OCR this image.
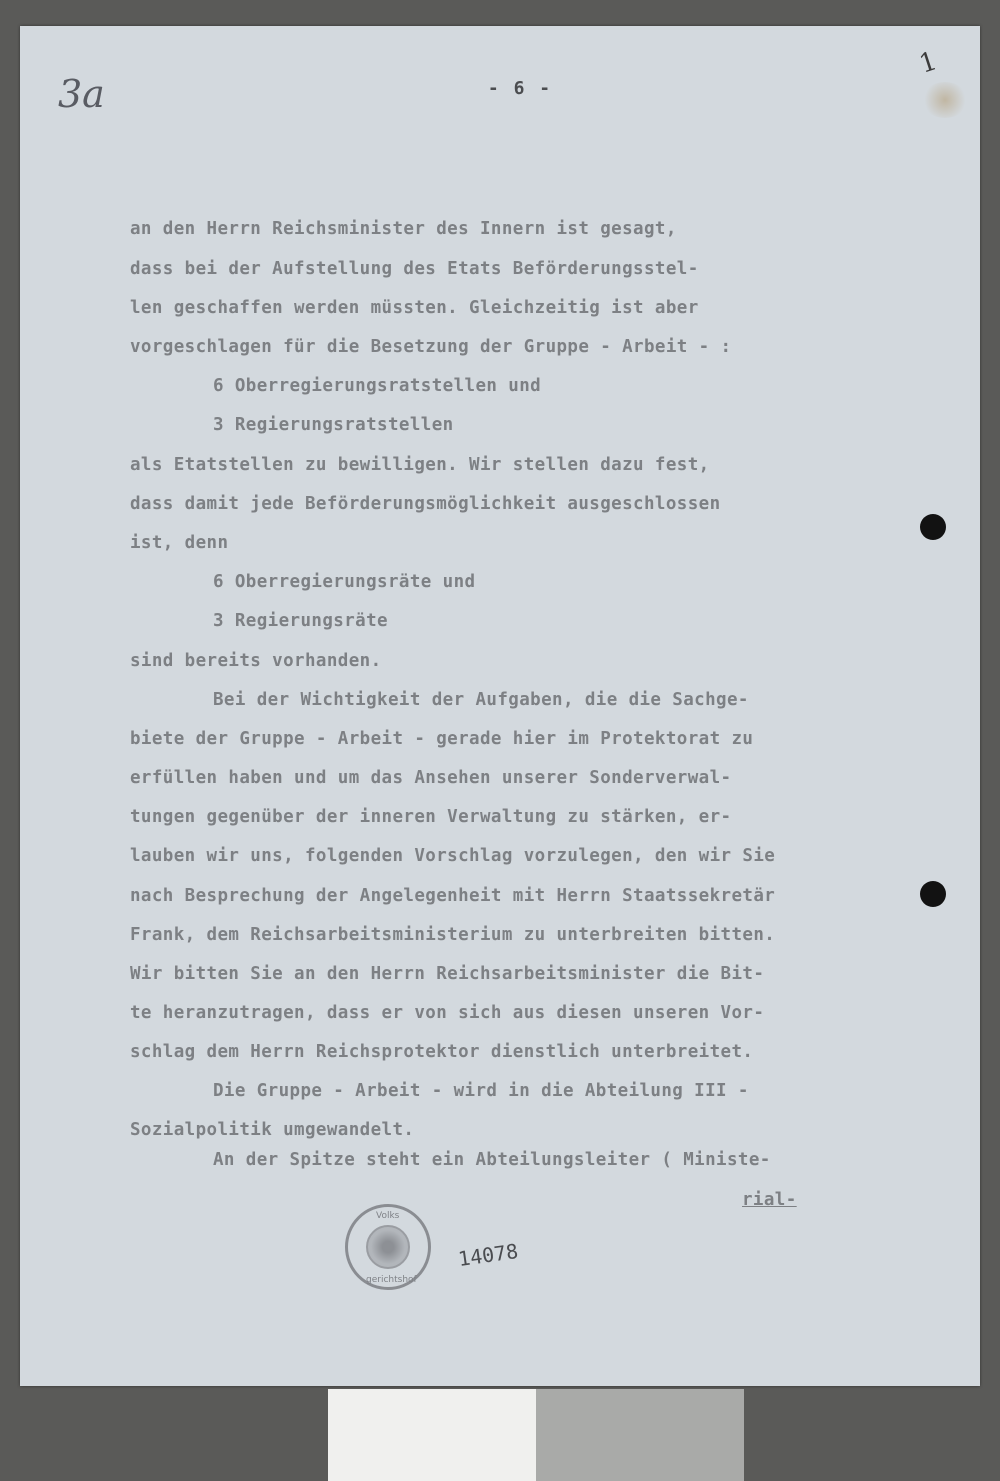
3a
1
- 6 -
an den Herrn Reichsminister des Innern ist gesagt,
dass bei der Aufstellung des Etats Beförderungsstel-
len geschaffen werden müssten. Gleichzeitig ist aber
vorgeschlagen für die Besetzung der Gruppe - Arbeit - :
6 Oberregierungsratstellen und
3 Regierungsratstellen
als Etatstellen zu bewilligen. Wir stellen dazu fest,
dass damit jede Beförderungsmöglichkeit ausgeschlossen
ist, denn
6 Oberregierungsräte und
3 Regierungsräte
sind bereits vorhanden.
Bei der Wichtigkeit der Aufgaben, die die Sachge-
biete der Gruppe - Arbeit - gerade hier im Protektorat zu
erfüllen haben und um das Ansehen unserer Sonderverwal-
tungen gegenüber der inneren Verwaltung zu stärken, er-
lauben wir uns, folgenden Vorschlag vorzulegen, den wir Sie
nach Besprechung der Angelegenheit mit Herrn Staatssekretär
Frank, dem Reichsarbeitsministerium zu unterbreiten bitten.
Wir bitten Sie an den Herrn Reichsarbeitsminister die Bit-
te heranzutragen, dass er von sich aus diesen unseren Vor-
schlag dem Herrn Reichsprotektor dienstlich unterbreitet.
Die Gruppe - Arbeit - wird in die Abteilung III -
Sozialpolitik umgewandelt.
An der Spitze steht ein Abteilungsleiter ( Ministe-
rial-
Volks
gerichtshof
14078
